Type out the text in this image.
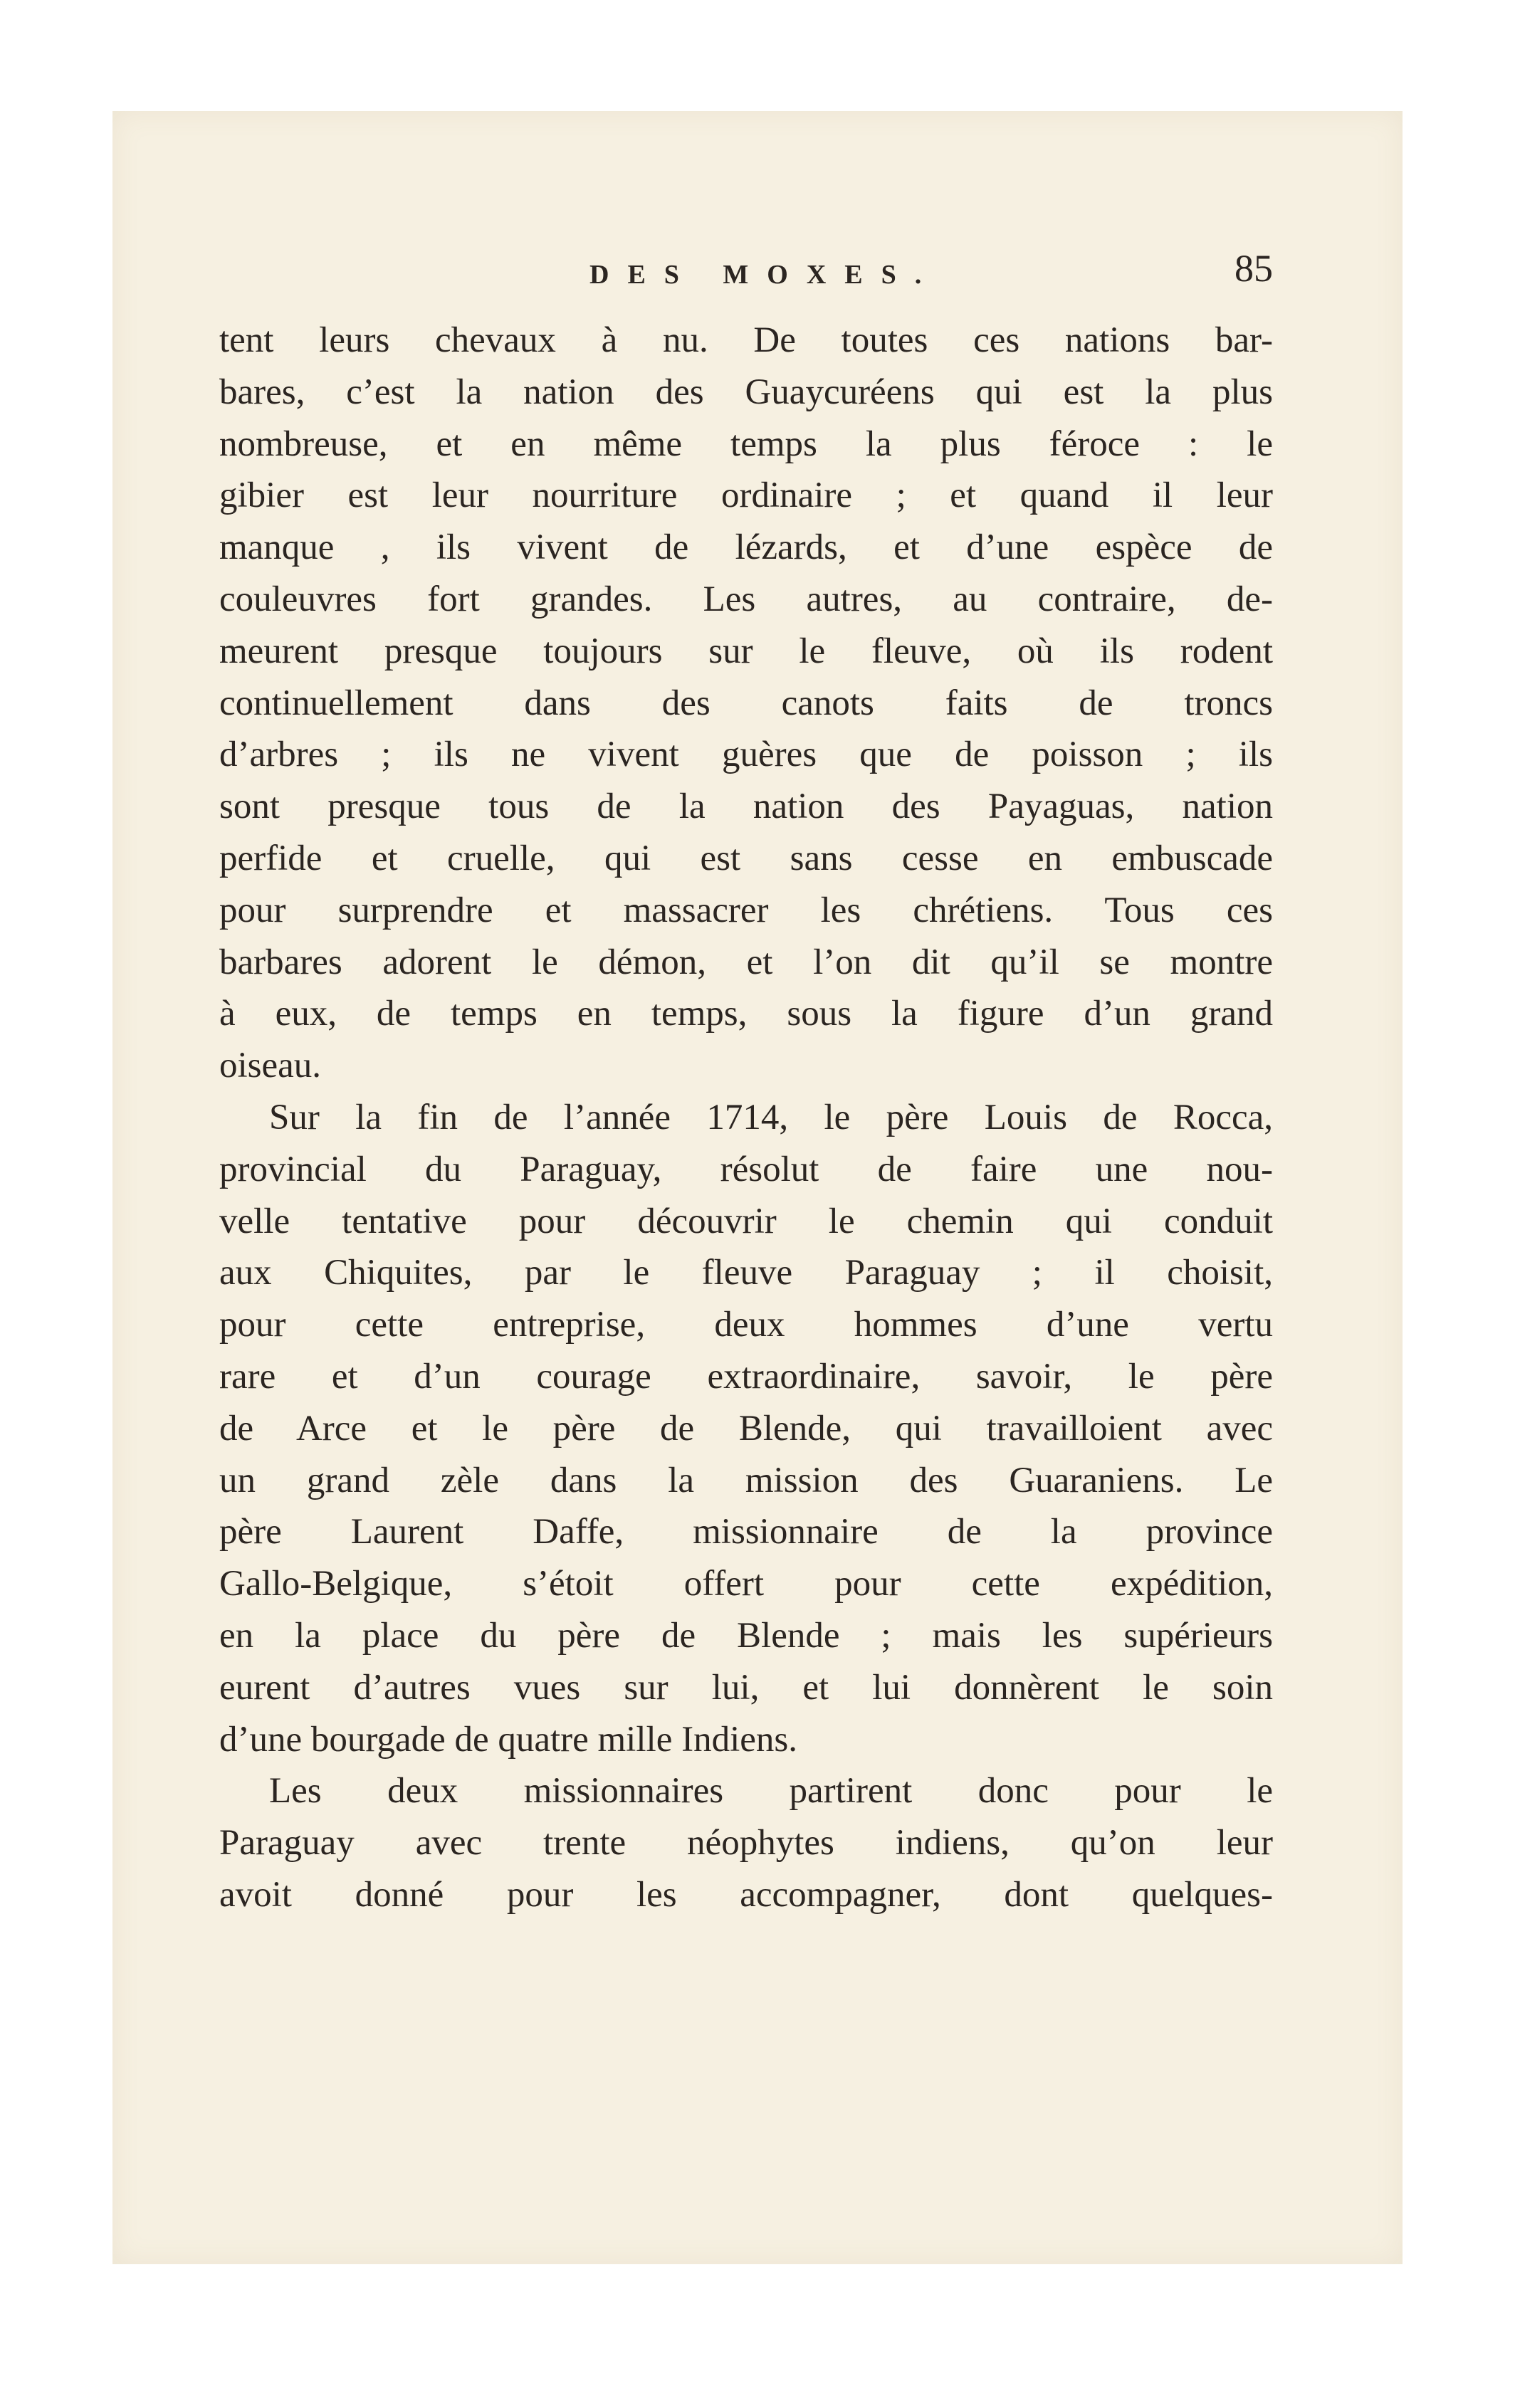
DES MOXES.	85
tent leurs chevaux à nu. De toutes ces nations bar-
bares, c’est la nation des Guaycuréens qui est la plus
nombreuse, et en même temps la plus féroce : le
gibier est leur nourriture ordinaire ; et quand il leur
manque , ils vivent de lézards, et d’une espèce de
couleuvres fort grandes. Les autres, au contraire, de-
meurent presque toujours sur le fleuve, où ils rodent
continuellement dans des canots faits de troncs
d’arbres ; ils ne vivent guères que de poisson ; ils
sont presque tous de la nation des Payaguas, nation
perfide et cruelle, qui est sans cesse en embuscade
pour surprendre et massacrer les chrétiens. Tous ces
barbares adorent le démon, et l’on dit qu’il se montre
à eux, de temps en temps, sous la figure d’un grand
oiseau.
Sur la fin de l’année 1714, le père Louis de Rocca,
provincial du Paraguay, résolut de faire une nou-
velle tentative pour découvrir le chemin qui conduit
aux Chiquites, par le fleuve Paraguay ; il choisit,
pour cette entreprise, deux hommes d’une vertu
rare et d’un courage extraordinaire, savoir, le père
de Arce et le père de Blende, qui travailloient avec
un grand zèle dans la mission des Guaraniens. Le
père Laurent Daffe, missionnaire de la province
Gallo-Belgique, s’étoit offert pour cette expédition,
en la place du père de Blende ; mais les supérieurs
eurent d’autres vues sur lui, et lui donnèrent le soin
d’une bourgade de quatre mille Indiens.
Les deux missionnaires partirent donc pour le
Paraguay avec trente néophytes indiens, qu’on leur
avoit donné pour les accompagner, dont quelques-
